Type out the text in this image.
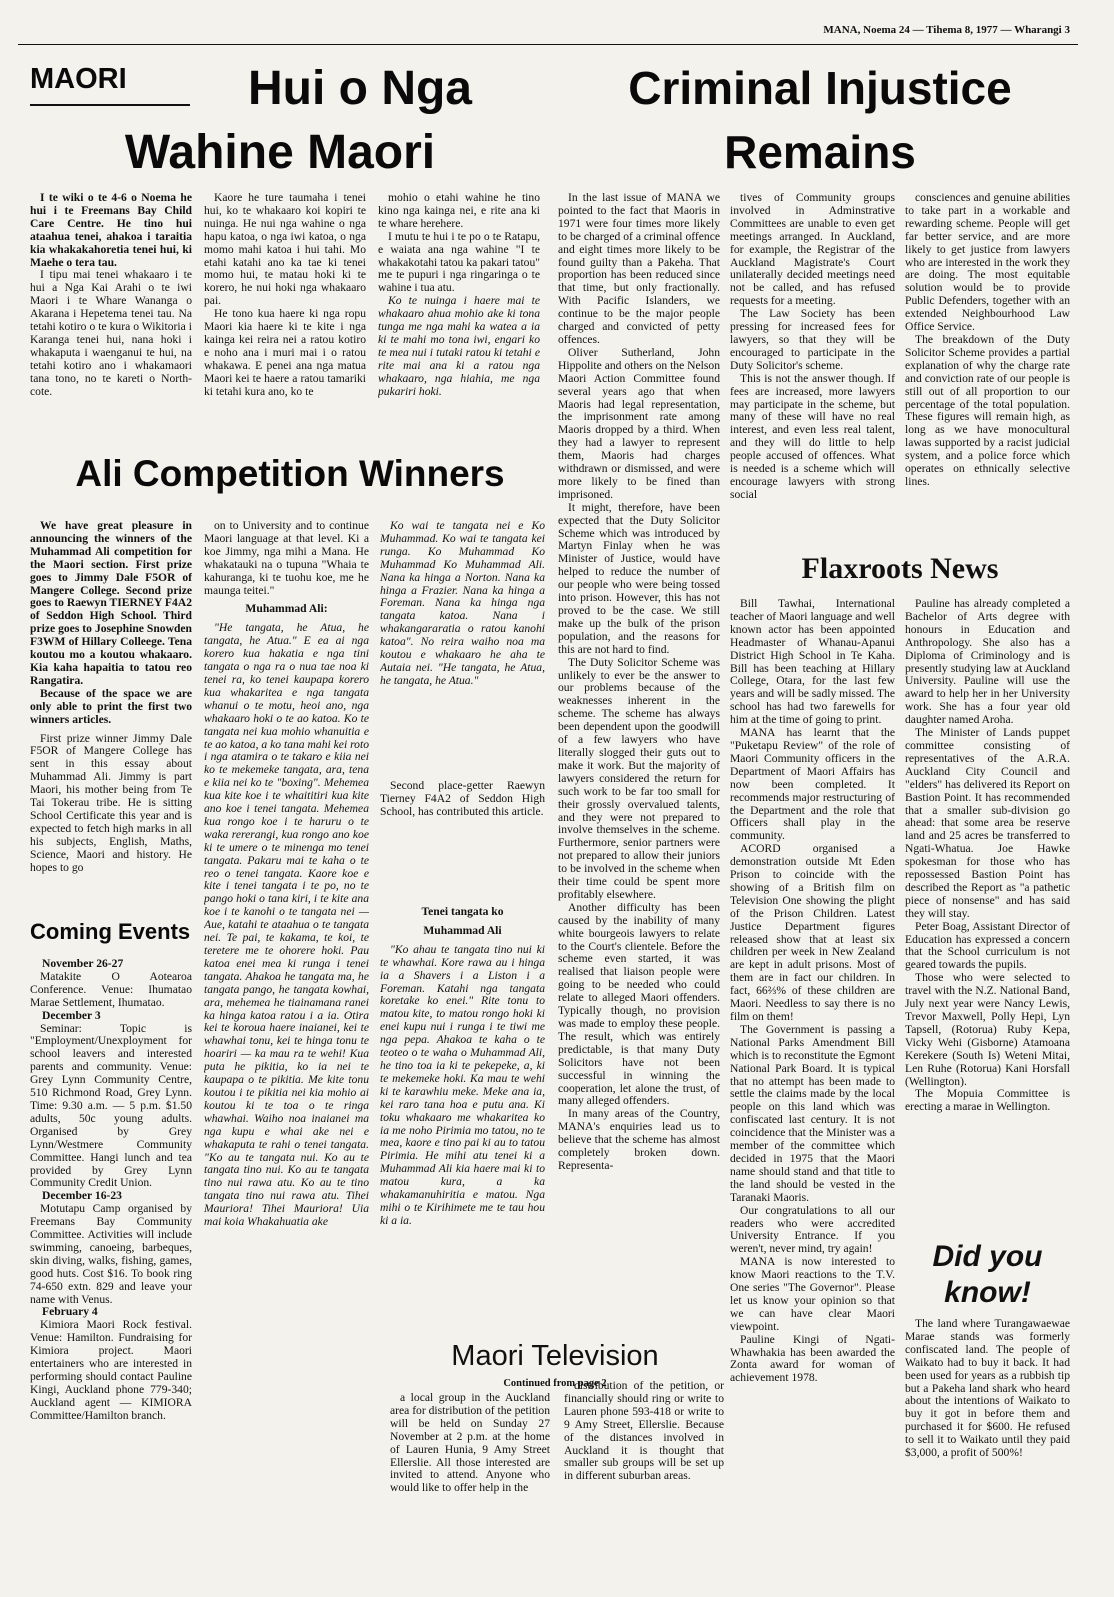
MANA, Noema 24 — Tihema 8, 1977 — Wharangi 3
MAORI	Hui o Nga
Wahine Maori

I te wiki o te 4-6 o Noema he hui i te Freemans Bay Child Care Centre. He tino hui ataahua tenei, ahakoa i taraitia kia whakakahoretia tenei hui, ki Maehe o tera tau.

I tipu mai tenei whakaaro i te hui a Nga Kai Arahi o te iwi Maori i te Whare Wananga o Akarana i Hepetema tenei tau. Na tetahi kotiro o te kura o Wikitoria i Karanga tenei hui, nana hoki i whakaputa i waenganui te hui, na tetahi kotiro ano i whakamaori tana tono, no te kareti o North-cote.

Kaore he ture taumaha i tenei hui, ko te whakaaro koi kopiri te nuinga. He nui nga wahine o nga hapu katoa, o nga iwi katoa, o nga momo mahi katoa i hui tahi. Mo etahi katahi ano ka tae ki tenei momo hui, te matau hoki ki te korero, he nui hoki nga whakaaro pai.

He tono kua haere ki nga ropu Maori kia haere ki te kite i nga kainga kei reira nei a ratou kotiro e noho ana i muri mai i o ratou whakawa. E penei ana nga matua Maori kei te haere a ratou tamariki ki tetahi kura ano, ko te

mohio o etahi wahine he tino kino nga kainga nei, e rite ana ki te whare herehere.

I mutu te hui i te po o te Ratapu, e waiata ana nga wahine "I te whakakotahi tatou ka pakari tatou" me te pupuri i nga ringaringa o te wahine i tua atu.

Ko te nuinga i haere mai te whakaaro ahua mohio ake ki tona tunga me nga mahi ka watea a ia ki te mahi mo tona iwi, engari ko te mea nui i tutaki ratou ki tetahi e rite mai ana ki a ratou nga whakaaro, nga hiahia, me nga pukariri hoki.

Ali Competition Winners

We have great pleasure in announcing the winners of the Muhammad Ali competition for the Maori section. First prize goes to Jimmy Dale F5OR of Mangere College. Second prize goes to Raewyn TIERNEY F4A2 of Seddon High School. Third prize goes to Josephine Snowden F3WM of Hillary Colleege. Tena koutou mo a koutou whakaaro. Kia kaha hapaitia to tatou reo Rangatira.

Because of the space we are only able to print the first two winners articles.

First prize winner Jimmy Dale F5OR of Mangere College has sent in this essay about Muhammad Ali. Jimmy is part Maori, his mother being from Te Tai Tokerau tribe. He is sitting School Certificate this year and is expected to fetch high marks in all his subjects, English, Maths, Science, Maori and history. He hopes to go

Coming Events

November 26-27

Matakite O Aotearoa Conference. Venue: Ihumatao Marae Settlement, Ihumatao.

December 3

Seminar: Topic is "Employment/Unexployment for school leavers and interested parents and community. Venue: Grey Lynn Community Centre, 510 Richmond Road, Grey Lynn. Time: 9.30 a.m. — 5 p.m. $1.50 adults, 50c young adults. Organised by Grey Lynn/Westmere Community Committee. Hangi lunch and tea provided by Grey Lynn Community Credit Union.

December 16-23

Motutapu Camp organised by Freemans Bay Community Committee. Activities will include swimming, canoeing, barbeques, skin diving, walks, fishing, games, good huts. Cost $16. To book ring 74-650 extn. 829 and leave your name with Venus.

February 4

Kimiora Maori Rock festival. Venue: Hamilton. Fundraising for Kimiora project. Maori entertainers who are interested in performing should contact Pauline Kingi, Auckland phone 779-340; Auckland agent — KIMIORA Committee/Hamilton branch.

on to University and to continue Maori language at that level. Ki a koe Jimmy, nga mihi a Mana. He whakatauki na o tupuna "Whaia te kahuranga, ki te tuohu koe, me he maunga teitei."

Muhammad Ali:

"He tangata, he Atua, he tangata, he Atua." E ea ai nga korero kua hakatia e nga tini tangata o nga ra o nua tae noa ki tenei ra, ko tenei kaupapa korero kua whakaritea e nga tangata whanui o te motu, heoi ano, nga whakaaro hoki o te ao katoa. Ko te tangata nei kua mohio whanuitia e te ao katoa, a ko tana mahi kei roto i nga atamira o te takaro e kiia nei ko te mekemeke tangata, ara, tena e kiia nei ko te "boxing". Mehemea kua kite koe i te whaititiri kua kite ano koe i tenei tangata. Mehemea kua rongo koe i te haruru o te waka rererangi, kua rongo ano koe ki te umere o te minenga mo tenei tangata. Pakaru mai te kaha o te reo o tenei tangata. Kaore koe e kite i tenei tangata i te po, no te pango hoki o tana kiri, i te kite ana koe i te kanohi o te tangata nei — Aue, katahi te ataahua o te tangata nei. Te pai, te kakama, te koi, te teretere me te ohorere hoki. Pau katoa enei mea ki runga i tenei tangata. Ahakoa he tangata ma, he tangata pango, he tangata kowhai, ara, mehemea he tiainamana ranei ka hinga katoa ratou i a ia. Otira kei te koroua haere inaianei, kei te whawhai tonu, kei te hinga tonu te hoariri — ka mau ra te wehi! Kua puta he pikitia, ko ia nei te kaupapa o te pikitia. Me kite tonu koutou i te pikitia nei kia mohio ai koutou ki te toa o te ringa whawhai. Waiho noa inaianei ma nga kupu e whai ake nei e whakaputa te rahi o tenei tangata. "Ko au te tangata nui. Ko au te tangata tino nui. Ko au te tangata tino nui rawa atu. Ko au te tino tangata tino nui rawa atu. Tihei Mauriora! Tihei Mauriora! Uia mai koia Whakahuatia ake

Ko wai te tangata nei e Ko Muhammad. Ko wai te tangata kei runga. Ko Muhammad Ko Muhammad Ko Muhammad Ali. Nana ka hinga a Norton. Nana ka hinga a Frazier. Nana ka hinga a Foreman. Nana ka hinga nga tangata katoa. Nana i whakangararatia o ratou kanohi katoa". No reira waiho noa ma koutou e whakaaro he aha te Autaia nei. "He tangata, he Atua, he tangata, he Atua."

Second place-getter Raewyn Tierney F4A2 of Seddon High School, has contributed this article.

Tenei tangata ko

Muhammad Ali

"Ko ahau te tangata tino nui ki te whawhai. Kore rawa au i hinga ia a Shavers i a Liston i a Foreman. Katahi nga tangata koretake ko enei." Rite tonu to matou kite, to matou rongo hoki ki enei kupu nui i runga i te tiwi me nga pepa. Ahakoa te kaha o te teoteo o te waha o Muhammad Ali, he tino toa ia ki te pekepeke, a, ki te mekemeke hoki. Ka mau te wehi ki te karawhiu meke. Meke ana ia, kei raro tana hoa e putu ana. Ki toku whakaaro me whakaritea ko ia me noho Pirimia mo tatou, no te mea, kaore e tino pai ki au to tatou Pirimia. He mihi atu tenei ki a Muhammad Ali kia haere mai ki to matou kura, a ka whakamanuhiritia e matou. Nga mihi o te Kirihimete me te tau hou ki a ia.

Maori Television
Continued from page 2

a local group in the Auckland area for distribution of the petition will be held on Sunday 27 November at 2 p.m. at the home of Lauren Hunia, 9 Amy Street Ellerslie. All those interested are invited to attend. Anyone who would like to offer help in the

distribution of the petition, or financially should ring or write to Lauren phone 593-418 or write to 9 Amy Street, Ellerslie. Because of the distances involved in Auckland it is thought that smaller sub groups will be set up in different suburban areas.

Criminal Injustice
Remains

In the last issue of MANA we pointed to the fact that Maoris in 1971 were four times more likely to be charged of a criminal offence and eight times more likely to be found guilty than a Pakeha. That proportion has been reduced since that time, but only fractionally. With Pacific Islanders, we continue to be the major people charged and convicted of petty offences.

Oliver Sutherland, John Hippolite and others on the Nelson Maori Action Committee found several years ago that when Maoris had legal representation, the imprisonment rate among Maoris dropped by a third. When they had a lawyer to represent them, Maoris had charges withdrawn or dismissed, and were more likely to be fined than imprisoned.

It might, therefore, have been expected that the Duty Solicitor Scheme which was introduced by Martyn Finlay when he was Minister of Justice, would have helped to reduce the number of our people who were being tossed into prison. However, this has not proved to be the case. We still make up the bulk of the prison population, and the reasons for this are not hard to find.

The Duty Solicitor Scheme was unlikely to ever be the answer to our problems because of the weaknesses inherent in the scheme. The scheme has always been dependent upon the goodwill of a few lawyers who have literally slogged their guts out to make it work. But the majority of lawyers considered the return for such work to be far too small for their grossly overvalued talents, and they were not prepared to involve themselves in the scheme. Furthermore, senior partners were not prepared to allow their juniors to be involved in the scheme when their time could be spent more profitably elsewhere.

Another difficulty has been caused by the inability of many white bourgeois lawyers to relate to the Court's clientele. Before the scheme even started, it was realised that liaison people were going to be needed who could relate to alleged Maori offenders. Typically though, no provision was made to employ these people. The result, which was entirely predictable, is that many Duty Solicitors have not been successful in winning the cooperation, let alone the trust, of many alleged offenders.

In many areas of the Country, MANA's enquiries lead us to believe that the scheme has almost completely broken down. Representa-

tives of Community groups involved in Adminstrative Committees are unable to even get meetings arranged. In Auckland, for example, the Registrar of the Auckland Magistrate's Court unilaterally decided meetings need not be called, and has refused requests for a meeting.

The Law Society has been pressing for increased fees for lawyers, so that they will be encouraged to participate in the Duty Solicitor's scheme.

This is not the answer though. If fees are increased, more lawyers may participate in the scheme, but many of these will have no real interest, and even less real talent, and they will do little to help people accused of offences. What is needed is a scheme which will encourage lawyers with strong social

consciences and genuine abilities to take part in a workable and rewarding scheme. People will get far better service, and are more likely to get justice from lawyers who are interested in the work they are doing. The most equitable solution would be to provide Public Defenders, together with an extended Neighbourhood Law Office Service.

The breakdown of the Duty Solicitor Scheme provides a partial explanation of why the charge rate and conviction rate of our people is still out of all proportion to our percentage of the total population. These figures will remain high, as long as we have monocultural lawas supported by a racist judicial system, and a police force which operates on ethnically selective lines.

Flaxroots News

Bill Tawhai, International teacher of Maori language and well known actor has been appointed Headmaster of Whanau-Apanui District High School in Te Kaha. Bill has been teaching at Hillary College, Otara, for the last few years and will be sadly missed. The school has had two farewells for him at the time of going to print.

MANA has learnt that the "Puketapu Review" of the role of Maori Community officers in the Department of Maori Affairs has now been completed. It recommends major restructuring of the Department and the role that Officers shall play in the community.

ACORD organised a demonstration outside Mt Eden Prison to coincide with the showing of a British film on Television One showing the plight of the Prison Children. Latest Justice Department figures released show that at least six children per week in New Zealand are kept in adult prisons. Most of them are in fact our children. In fact, 66⅔% of these children are Maori. Needless to say there is no film on them!

The Government is passing a National Parks Amendment Bill which is to reconstitute the Egmont National Park Board. It is typical that no attempt has been made to settle the claims made by the local people on this land which was confiscated last century. It is not coincidence that the Minister was a member of the committee which decided in 1975 that the Maori name should stand and that title to the land should be vested in the Taranaki Maoris.

Our congratulations to all our readers who were accredited University Entrance. If you weren't, never mind, try again!

MANA is now interested to know Maori reactions to the T.V. One series "The Governor". Please let us know your opinion so that we can have clear Maori viewpoint.

Pauline Kingi of Ngati-Whawhakia has been awarded the Zonta award for woman of achievement 1978.

Pauline has already completed a Bachelor of Arts degree with honours in Education and Anthropology. She also has a Diploma of Criminology and is presently studying law at Auckland University. Pauline will use the award to help her in her University work. She has a four year old daughter named Aroha.

The Minister of Lands puppet committee consisting of representatives of the A.R.A. Auckland City Council and "elders" has delivered its Report on Bastion Point. It has recommended that a smaller sub-division go ahead: that some area be reserve land and 25 acres be transferred to Ngati-Whatua. Joe Hawke spokesman for those who has repossessed Bastion Point has described the Report as "a pathetic piece of nonsense" and has said they will stay.

Peter Boag, Assistant Director of Education has expressed a concern that the School curriculum is not geared towards the pupils.

Those who were selected to travel with the N.Z. National Band, July next year were Nancy Lewis, Trevor Maxwell, Polly Hepi, Lyn Tapsell, (Rotorua) Ruby Kepa, Vicky Wehi (Gisborne) Atamoana Kerekere (South Is) Weteni Mitai, Len Ruhe (Rotorua) Kani Horsfall (Wellington).

The Mopuia Committee is erecting a marae in Wellington.

Did you
know!

The land where Turangawaewae Marae stands was formerly confiscated land. The people of Waikato had to buy it back. It had been used for years as a rubbish tip but a Pakeha land shark who heard about the intentions of Waikato to buy it got in before them and purchased it for $600. He refused to sell it to Waikato until they paid $3,000, a profit of 500%!
